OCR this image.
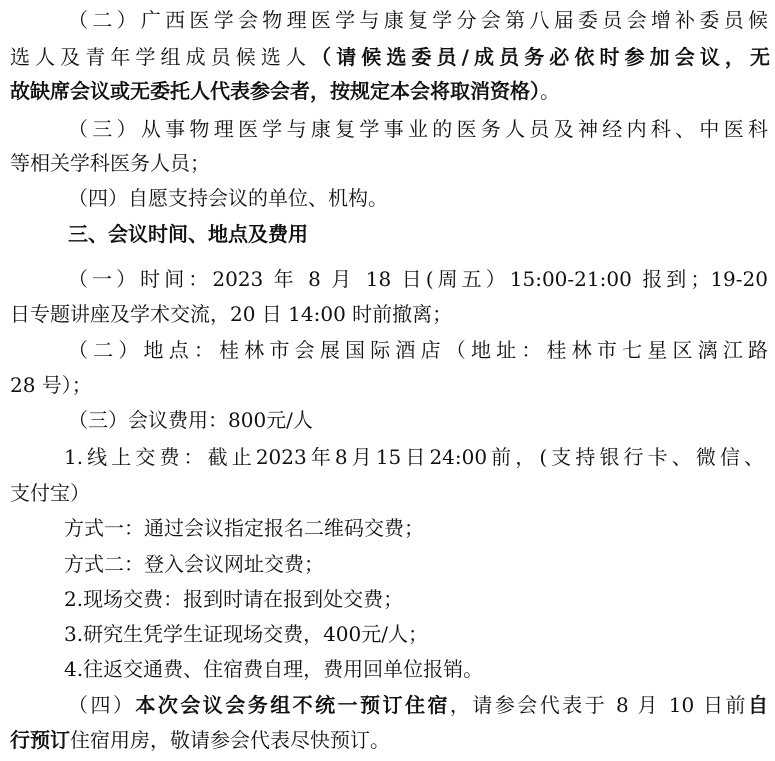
（二）广西医学会物理医学与康复学分会第八届委员会增补委员候
选人及青年学组成员候选人（请候选委员/成员务必依时参加会议，无
故缺席会议或无委托人代表参会者，按规定本会将取消资格）。
（三）从事物理医学与康复学事业的医务人员及神经内科、中医科
等相关学科医务人员；
（四）自愿支持会议的单位、机构。
三、会议时间、地点及费用
（一）时间：2023 年 8 月 18 日(周五）15:00-21:00 报到；19-20
日专题讲座及学术交流，20 日 14:00 时前撤离；
（二）地点：桂林市会展国际酒店（地址：桂林市七星区漓江路
28 号）；
（三）会议费用：800元/人
1.线上交费：截止2023年8月15日24:00前，(支持银行卡、微信、
支付宝）
方式一：通过会议指定报名二维码交费；
方式二：登入会议网址交费；
2.现场交费：报到时请在报到处交费；
3.研究生凭学生证现场交费，400元/人；
4.往返交通费、住宿费自理，费用回单位报销。
（四）本次会议会务组不统一预订住宿，请参会代表于 8 月 10 日前自
行预订住宿用房，敬请参会代表尽快预订。
